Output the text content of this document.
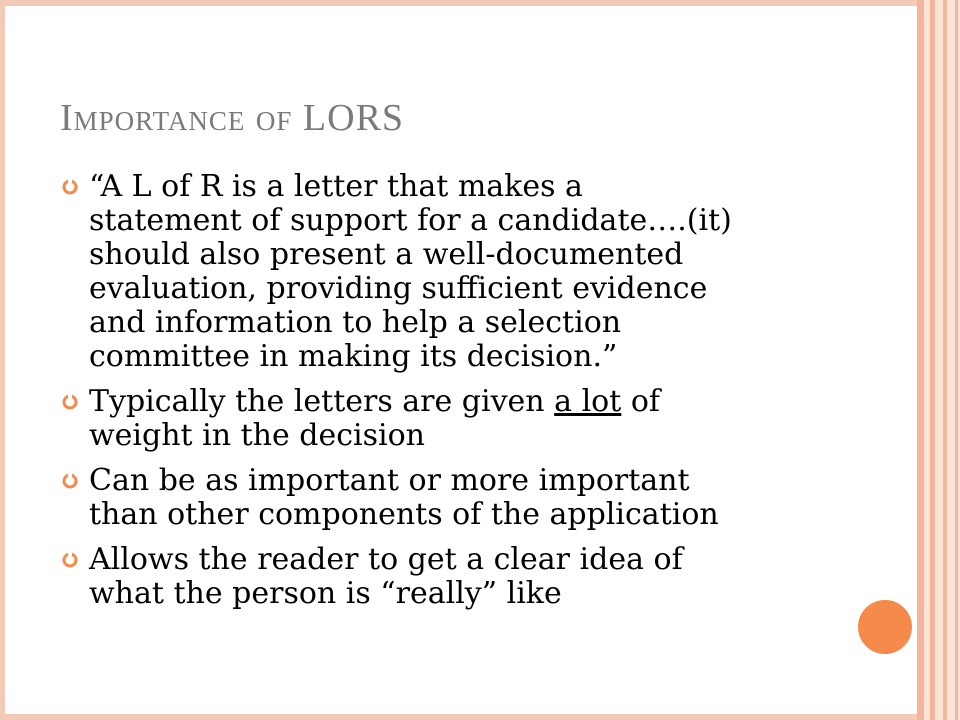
IMPORTANCE OF LORS
“A L of R is a letter that makes a
statement of support for a candidate….(it)
should also present a well-documented
evaluation, providing sufficient evidence
and information to help a selection
committee in making its decision.”
Typically the letters are given a lot of
weight in the decision
Can be as important or more important
than other components of the application
Allows the reader to get a clear idea of
what the person is “really” like
